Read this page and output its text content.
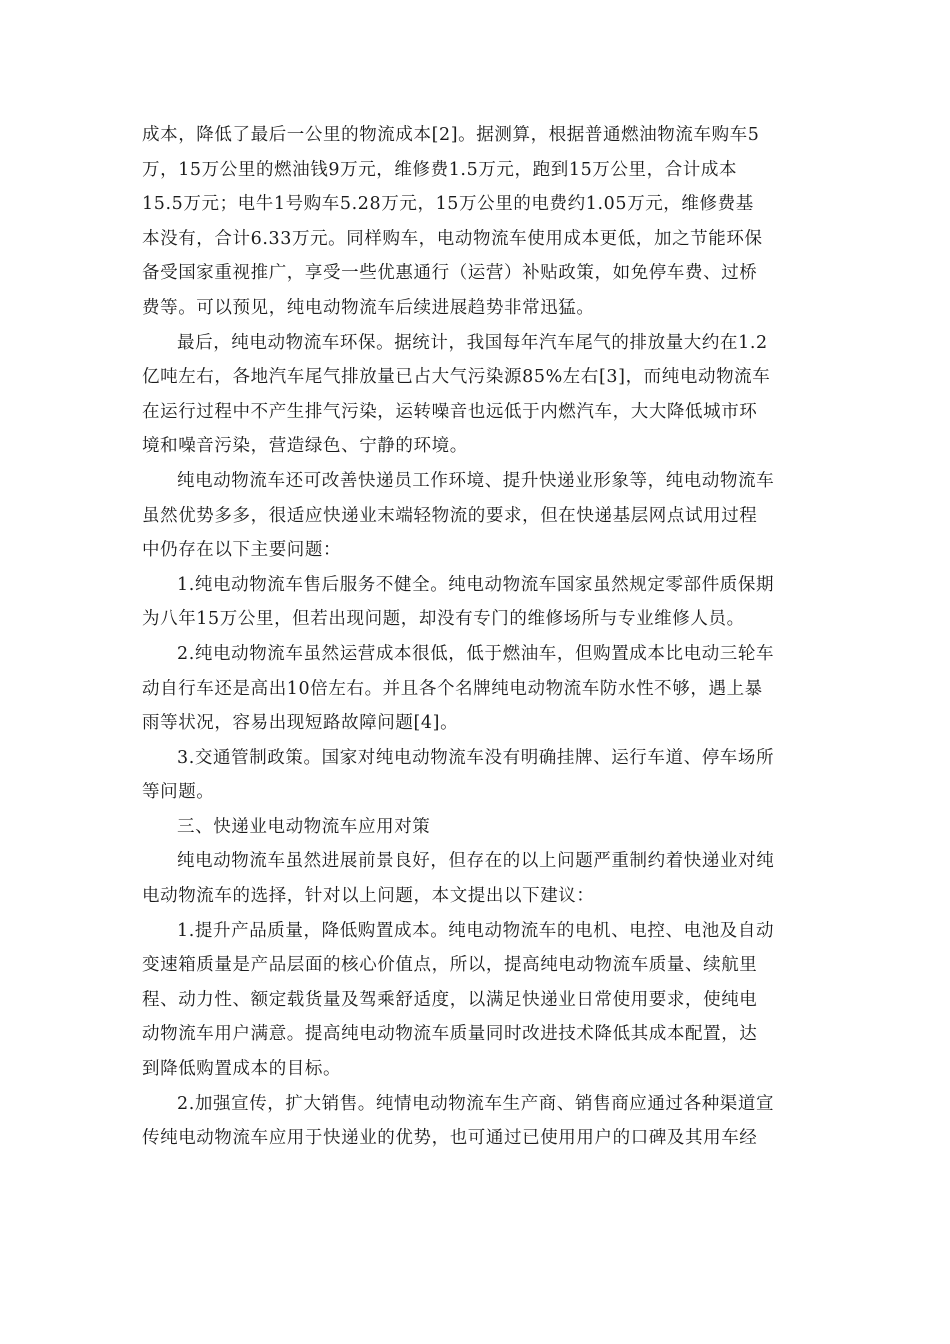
成本，降低了最后一公里的物流成本[2]。据测算，根据普通燃油物流车购车5
万，15万公里的燃油钱9万元，维修费1.5万元，跑到15万公里，合计成本
15.5万元；电牛1号购车5.28万元，15万公里的电费约1.05万元，维修费基
本没有，合计6.33万元。同样购车，电动物流车使用成本更低，加之节能环保
备受国家重视推广，享受一些优惠通行（运营）补贴政策，如免停车费、过桥
费等。可以预见，纯电动物流车后续进展趋势非常迅猛。
最后，纯电动物流车环保。据统计，我国每年汽车尾气的排放量大约在1.2
亿吨左右，各地汽车尾气排放量已占大气污染源85%左右[3]，而纯电动物流车
在运行过程中不产生排气污染，运转噪音也远低于内燃汽车，大大降低城市环
境和噪音污染，营造绿色、宁静的环境。
纯电动物流车还可改善快递员工作环境、提升快递业形象等，纯电动物流车
虽然优势多多，很适应快递业末端轻物流的要求，但在快递基层网点试用过程
中仍存在以下主要问题：
1.纯电动物流车售后服务不健全。纯电动物流车国家虽然规定零部件质保期
为八年15万公里，但若出现问题，却没有专门的维修场所与专业维修人员。
2.纯电动物流车虽然运营成本很低，低于燃油车，但购置成本比电动三轮车
动自行车还是高出10倍左右。并且各个名牌纯电动物流车防水性不够，遇上暴
雨等状况，容易出现短路故障问题[4]。
3.交通管制政策。国家对纯电动物流车没有明确挂牌、运行车道、停车场所
等问题。
三、快递业电动物流车应用对策
纯电动物流车虽然进展前景良好，但存在的以上问题严重制约着快递业对纯
电动物流车的选择，针对以上问题，本文提出以下建议：
1.提升产品质量，降低购置成本。纯电动物流车的电机、电控、电池及自动
变速箱质量是产品层面的核心价值点，所以，提高纯电动物流车质量、续航里
程、动力性、额定载货量及驾乘舒适度，以满足快递业日常使用要求，使纯电
动物流车用户满意。提高纯电动物流车质量同时改进技术降低其成本配置，达
到降低购置成本的目标。
2.加强宣传，扩大销售。纯情电动物流车生产商、销售商应通过各种渠道宣
传纯电动物流车应用于快递业的优势，也可通过已使用用户的口碑及其用车经
